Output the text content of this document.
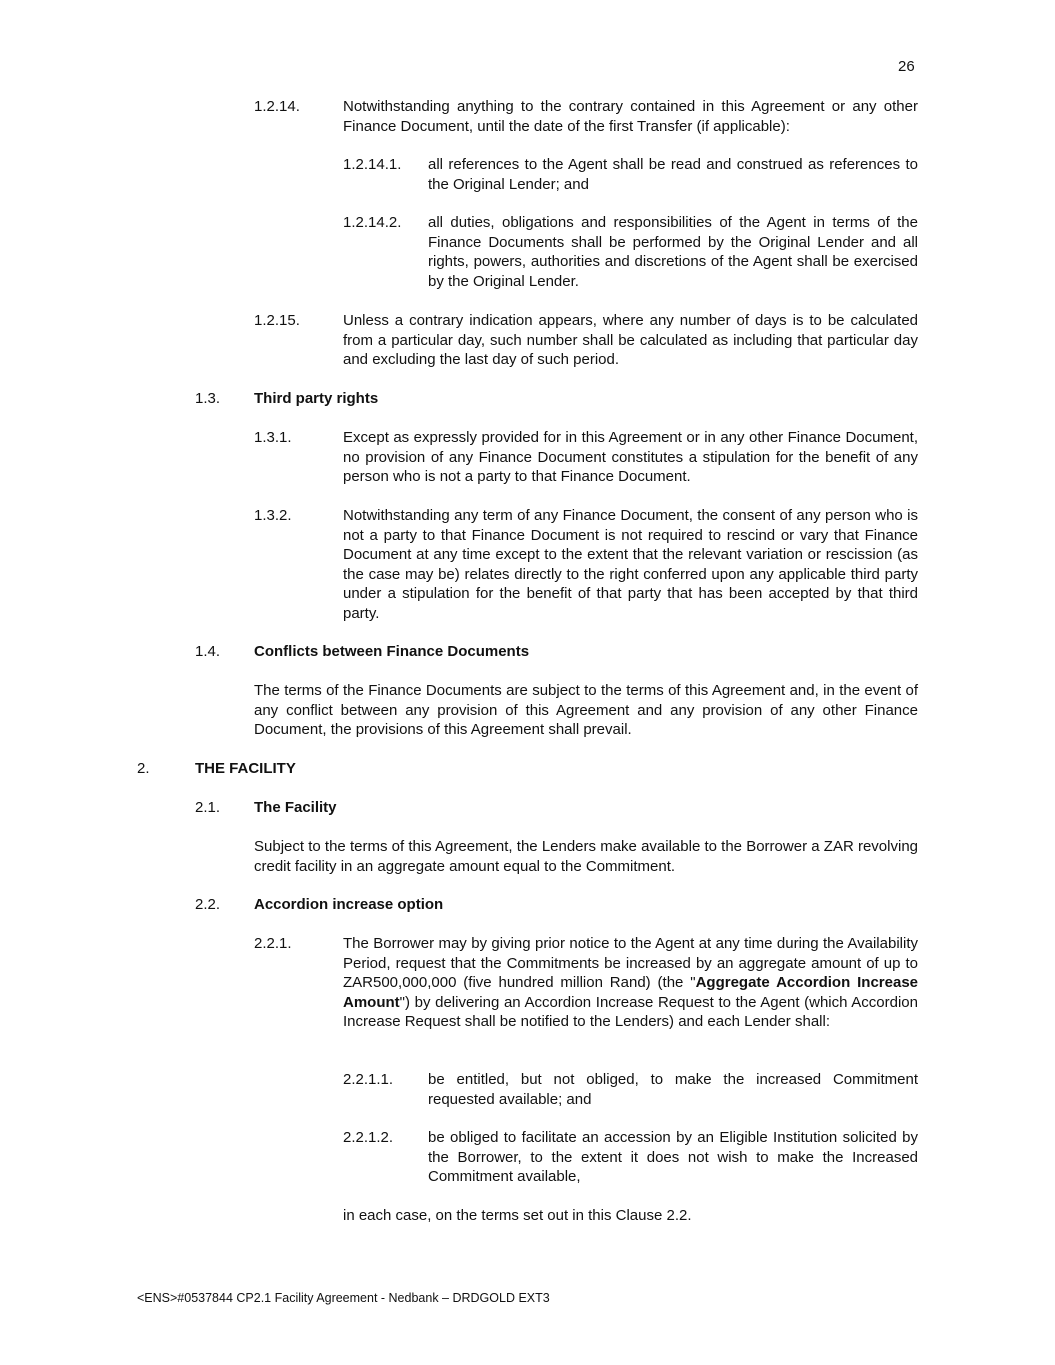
26
1.2.14.	Notwithstanding anything to the contrary contained in this Agreement or any other Finance Document, until the date of the first Transfer (if applicable):
1.2.14.1. all references to the Agent shall be read and construed as references to the Original Lender; and
1.2.14.2. all duties, obligations and responsibilities of the Agent in terms of the Finance Documents shall be performed by the Original Lender and all rights, powers, authorities and discretions of the Agent shall be exercised by the Original Lender.
1.2.15.	Unless a contrary indication appears, where any number of days is to be calculated from a particular day, such number shall be calculated as including that particular day and excluding the last day of such period.
1.3. Third party rights
1.3.1.	Except as expressly provided for in this Agreement or in any other Finance Document, no provision of any Finance Document constitutes a stipulation for the benefit of any person who is not a party to that Finance Document.
1.3.2.	Notwithstanding any term of any Finance Document, the consent of any person who is not a party to that Finance Document is not required to rescind or vary that Finance Document at any time except to the extent that the relevant variation or rescission (as the case may be) relates directly to the right conferred upon any applicable third party under a stipulation for the benefit of that party that has been accepted by that third party.
1.4. Conflicts between Finance Documents
The terms of the Finance Documents are subject to the terms of this Agreement and, in the event of any conflict between any provision of this Agreement and any provision of any other Finance Document, the provisions of this Agreement shall prevail.
2.	THE FACILITY
2.1. The Facility
Subject to the terms of this Agreement, the Lenders make available to the Borrower a ZAR revolving credit facility in an aggregate amount equal to the Commitment.
2.2. Accordion increase option
2.2.1.	The Borrower may by giving prior notice to the Agent at any time during the Availability Period, request that the Commitments be increased by an aggregate amount of up to ZAR500,000,000 (five hundred million Rand) (the "Aggregate Accordion Increase Amount") by delivering an Accordion Increase Request to the Agent (which Accordion Increase Request shall be notified to the Lenders) and each Lender shall:
2.2.1.1. be entitled, but not obliged, to make the increased Commitment requested available; and
2.2.1.2. be obliged to facilitate an accession by an Eligible Institution solicited by the Borrower, to the extent it does not wish to make the Increased Commitment available,
in each case, on the terms set out in this Clause 2.2.
<ENS>#0537844 CP2.1 Facility Agreement - Nedbank – DRDGOLD EXT3
